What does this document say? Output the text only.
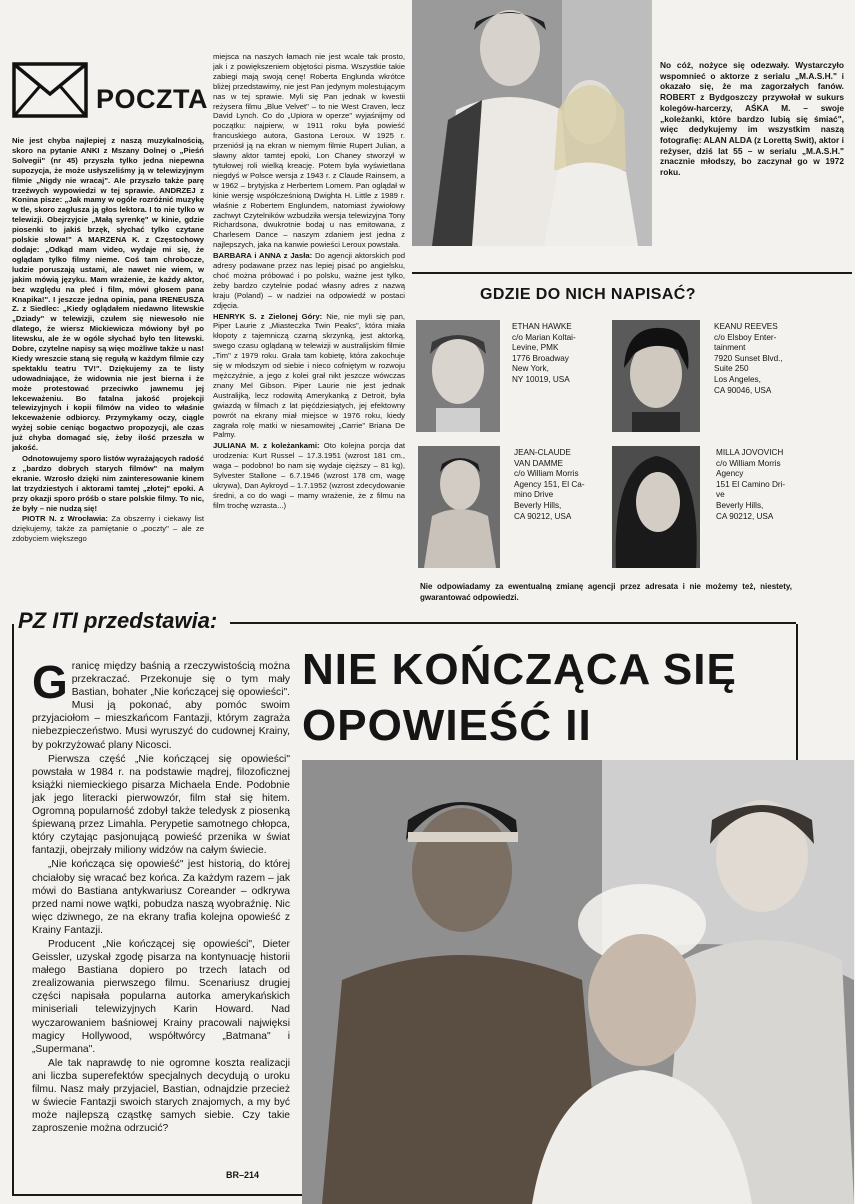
POCZTA

Nie jest chyba najlepiej z naszą muzykalnością, skoro na pytanie ANKI z Mszany Dolnej o „Pieśń Solvegii" (nr 45) przyszła tylko jedna niepewna supozycja, że może usłyszeliśmy ją w telewizyjnym filmie „Nigdy nie wracaj". Ale przyszło także parę trzeźwych wypowiedzi w tej sprawie. ANDRZEJ z Konina pisze: „Jak mamy w ogóle rozróżnić muzykę w tle, skoro zagłusza ją głos lektora. I to nie tylko w telewizji. Obejrzyjcie „Małą syrenkę" w kinie, gdzie piosenki to jakiś brzęk, słychać tylko czytane polskie słowa!" A MARZENA K. z Częstochowy dodaje: „Odkąd mam video, wydaje mi się, że oglądam tylko filmy nieme. Coś tam chrobocze, ludzie poruszają ustami, ale nawet nie wiem, w jakim mówią języku. Mam wrażenie, że każdy aktor, bez względu na płeć i film, mówi głosem pana Knapika!". I jeszcze jedna opinia, pana IRENEUSZA Z. z Siedlec: „Kiedy oglądałem niedawno litewskie „Dziady" w telewizji, czułem się niewesoło nie dlatego, że wiersz Mickiewicza mówiony był po litewsku, ale że w ogóle słychać było ten litewski. Dobre, czytelne napisy są więc możliwe także u nas! Kiedy wreszcie staną się regułą w każdym filmie czy spektaklu teatru TV!". Dziękujemy za te listy udowadniające, że widownia nie jest bierna i że może protestować przeciwko jawnemu jej lekceważeniu. Bo fatalna jakość projekcji telewizyjnych i kopii filmów na video to właśnie lekceważenie odbiorcy. Przymykamy oczy, ciągle wyżej sobie ceniąc bogactwo propozycji, ale czas już chyba domagać się, żeby ilość przeszła w jakość.

Odnotowujemy sporo listów wyrażających radość z „bardzo dobrych starych filmów" na małym ekranie. Wzrosło dzięki nim zainteresowanie kinem lat trzydziestych i aktorami tamtej „złotej" epoki. A przy okazji sporo próśb o stare polskie filmy. To nic, że były – nie nudzą się!

PIOTR N. z Wrocławia: Za obszerny i ciekawy list dziękujemy, także za pamiętanie o „poczty" – ale ze zdobyciem większego

miejsca na naszych łamach nie jest wcale tak prosto, jak i z powiększeniem objętości pisma. Wszystkie takie zabiegi mają swoją cenę! Roberta Englunda wkrótce bliżej przedstawimy, nie jest Pan jedynym molestującym nas w tej sprawie. Myli się Pan jednak w kwestii reżysera filmu „Blue Velvet" – to nie West Craven, lecz David Lynch. Co do „Upiora w operze" wyjaśnijmy od początku: najpierw, w 1911 roku była powieść francuskiego autora, Gastona Leroux. W 1925 r. przeniósł ją na ekran w niemym filmie Rupert Julian, a sławny aktor tamtej epoki, Lon Chaney stworzył w tytułowej roli wielką kreację. Potem była wyświetlana niegdyś w Polsce wersja z 1943 r. z Claude Rainsem, a w 1962 – brytyjska z Herbertem Lomem. Pan oglądał w kinie wersję współcześnioną Dwighta H. Little z 1989 r. właśnie z Robertem Englundem, natomiast żywiołowy zachwyt Czytelników wzbudziła wersja telewizyjna Tony Richardsona, dwukrotnie bodaj u nas emitowana, z Charlesem Dance – naszym zdaniem jest jedna z najlepszych, jaka na kanwie powieści Leroux powstała.

BARBARA i ANNA z Jasła: Do agencji aktorskich pod adresy podawane przez nas lepiej pisać po angielsku, choć można próbować i po polsku, ważne jest tylko, żeby bardzo czytelnie podać własny adres z nazwą kraju (Poland) – w nadziei na odpowiedź w postaci zdjęcia.

HENRYK S. z Zielonej Góry: Nie, nie myli się pan, Piper Laurie z „Miasteczka Twin Peaks", która miała kłopoty z tajemniczą czarną skrzynką, jest aktorką, swego czasu oglądaną w telewizji w australijskim filmie „Tim" z 1979 roku. Grała tam kobietę, która zakochuje się w młodszym od siebie i nieco cofniętym w rozwoju mężczyźnie, a jego z kolei grał nikt jeszcze wówczas znany Mel Gibson. Piper Laurie nie jest jednak Australijką, lecz rodowitą Amerykanką z Detroit, była gwiazdą w filmach z lat pięćdziesiątych, jej efektowny powrót na ekrany miał miejsce w 1976 roku, kiedy zagrała rolę matki w niesamowitej „Carrie" Briana De Palmy.

JULIANA M. z koleżankami: Oto kolejna porcja dat urodzenia: Kurt Russel – 17.3.1951 (wzrost 181 cm., waga – podobno! bo nam się wydaje cięższy – 81 kg), Sylvester Stallone – 6.7.1946 (wzrost 178 cm, wagę ukrywa), Dan Aykroyd – 1.7.1952 (wzrost zdecydowanie średni, a co do wagi – mamy wrażenie, że z filmu na film trochę wzrasta...)

No cóż, nożyce się odezwały. Wystarczyło wspomnieć o aktorze z serialu „M.A.S.H." i okazało się, że ma zagorzałych fanów. ROBERT z Bydgoszczy przywołał w sukurs kolegów-harcerzy, AŚKA M. – swoje „koleżanki, które bardzo lubią się śmiać", więc dedykujemy im wszystkim naszą fotografię: ALAN ALDA (z Lorettą Swit), aktor i reżyser, dziś lat 55 – w serialu „M.A.S.H." znacznie młodszy, bo zaczynał go w 1972 roku.
GDZIE DO NICH NAPISAĆ?
ETHAN HAWKE
c/o Marian Koltai-
Levine, PMK
1776 Broadway
New York,
NY 10019, USA
KEANU REEVES
c/o Elsboy Enter-
tainment
7920 Sunset Blvd.,
Suite 250
Los Angeles,
CA 90046, USA
JEAN-CLAUDE
VAN DAMME
c/o William Morris
Agency 151, El Ca-
mino Drive
Beverly Hills,
CA 90212, USA
MILLA JOVOVICH
c/o William Morris
Agency
151 El Camino Dri-
ve
Beverly Hills,
CA 90212, USA
Nie odpowiadamy za ewentualną zmianę agencji przez adresata i nie możemy też, niestety, gwarantować odpowiedzi.
PZ ITI przedstawia:
NIE KOŃCZĄCA SIĘ
OPOWIEŚĆ II
G ranicę między baśnią a rzeczywistością można przekraczać. Przekonuje się o tym mały Bastian, bohater „Nie kończącej się opowieści". Musi ją pokonać, aby pomóc swoim przyjaciołom – mieszkańcom Fantazji, którym zagraża niebezpieczeństwo. Musi wyruszyć do cudownej Krainy, by pokrzyżować plany Nicosci.

Pierwsza część „Nie kończącej się opowieści" powstała w 1984 r. na podstawie mądrej, filozoficznej książki niemieckiego pisarza Michaela Ende. Podobnie jak jego literacki pierwowzór, film stał się hitem. Ogromną popularność zdobył także teledysk z piosenką śpiewaną przez Limahla. Perypetie samotnego chłopca, który czytając pasjonującą powieść przenika w świat fantazji, obejrzały miliony widzów na całym świecie.

„Nie kończąca się opowieść" jest historią, do której chciałoby się wracać bez końca. Za każdym razem – jak mówi do Bastiana antykwariusz Coreander – odkrywa przed nami nowe wątki, pobudza naszą wyobraźnię. Nic więc dziwnego, ze na ekrany trafia kolejna opowieść z Krainy Fantazji.

Producent „Nie kończącej się opowieści", Dieter Geissler, uzyskał zgodę pisarza na kontynuację historii małego Bastiana dopiero po trzech latach od zrealizowania pierwszego filmu. Scenariusz drugiej części napisała popularna autorka amerykańskich miniseriali telewizyjnych Karin Howard. Nad wyczarowaniem baśniowej Krainy pracowali najwięksi magicy Hollywood, współtwórcy „Batmana" i „Supermana".

Ale tak naprawdę to nie ogromne koszta realizacji ani liczba superefektów specjalnych decydują o uroku filmu. Nasz mały przyjaciel, Bastian, odnajdzie przecież w świecie Fantazji swoich starych znajomych, a my być może najlepszą cząstkę samych siebie. Czy takie zaproszenie można odrzucić?

BR–214
